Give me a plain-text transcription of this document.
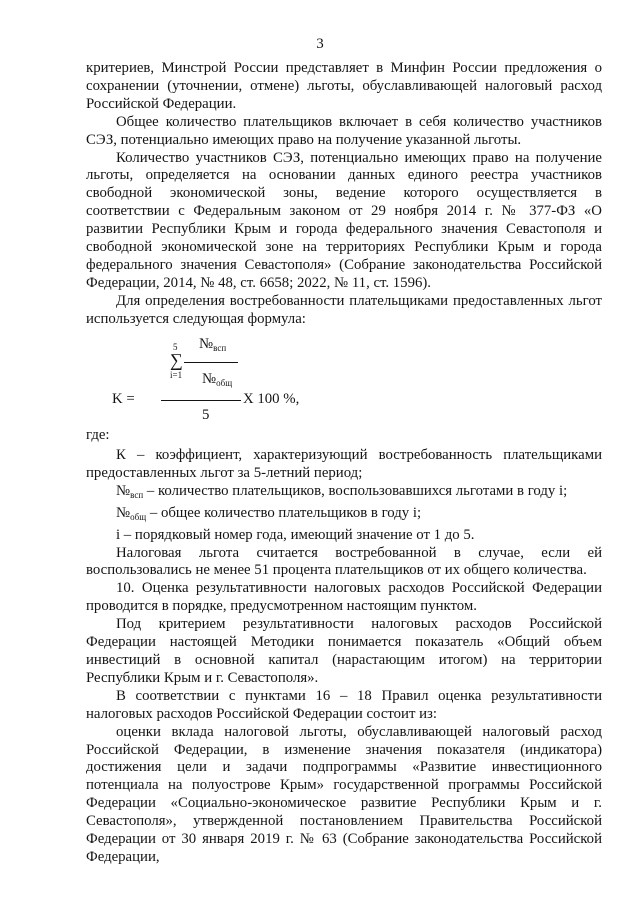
3

критериев, Минстрой России представляет в Минфин России предложения о сохранении (уточнении, отмене) льготы, обуславливающей налоговый расход Российской Федерации.

Общее количество плательщиков включает в себя количество участников СЭЗ, потенциально имеющих право на получение указанной льготы.

Количество участников СЭЗ, потенциально имеющих право на получение льготы, определяется на основании данных единого реестра участников свободной экономической зоны, ведение которого осуществляется в соответствии с Федеральным законом от 29 ноября 2014 г. № 377-ФЗ «О развитии Республики Крым и города федерального значения Севастополя и свободной экономической зоне на территориях Республики Крым и города федерального значения Севастополя» (Собрание законодательства Российской Федерации, 2014, № 48, ст. 6658; 2022, № 11, ст. 1596).

Для определения востребованности плательщиками предоставленных льгот используется следующая формула:

5 $№_{всп}$
∑
i=1 $№_{общ}$
K =	X 100 %,
5

где:

К – коэффициент, характеризующий востребованность плательщиками предоставленных льгот за 5-летний период;

$№_{всп}$ – количество плательщиков, воспользовавшихся льготами в году i;

$№_{общ}$ – общее количество плательщиков в году i;

i – порядковый номер года, имеющий значение от 1 до 5.

Налоговая льгота считается востребованной в случае, если ей воспользовались не менее 51 процента плательщиков от их общего количества.

10. Оценка результативности налоговых расходов Российской Федерации проводится в порядке, предусмотренном настоящим пунктом.

Под критерием результативности налоговых расходов Российской Федерации настоящей Методики понимается показатель «Общий объем инвестиций в основной капитал (нарастающим итогом) на территории Республики Крым и г. Севастополя».

В соответствии с пунктами 16 – 18 Правил оценка результативности налоговых расходов Российской Федерации состоит из:

оценки вклада налоговой льготы, обуславливающей налоговый расход Российской Федерации, в изменение значения показателя (индикатора) достижения цели и задачи подпрограммы «Развитие инвестиционного потенциала на полуострове Крым» государственной программы Российской Федерации «Социально-экономическое развитие Республики Крым и г. Севастополя», утвержденной постановлением Правительства Российской Федерации от 30 января 2019 г. № 63 (Собрание законодательства Российской Федерации,
